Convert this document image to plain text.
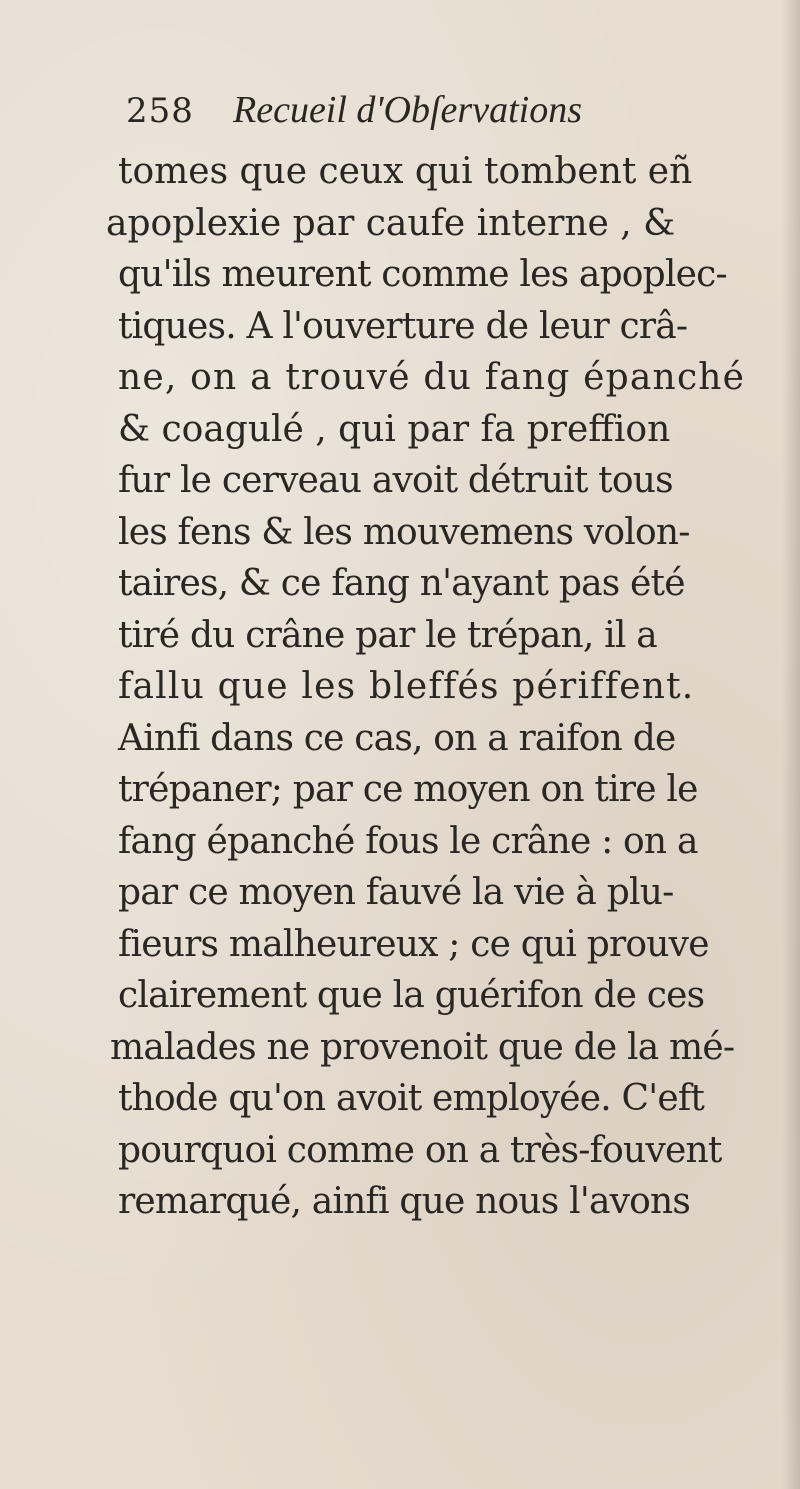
258 Recueil d'Obſervations
tomes que ceux qui tombent eñ
apoplexie par caufe interne , &
qu'ils meurent comme les apoplec-
tiques. A l'ouverture de leur crâ-
ne, on a trouvé du fang épanché
& coagulé , qui par fa preffion
fur le cerveau avoit détruit tous
les fens & les mouvemens volon-
taires, & ce fang n'ayant pas été
tiré du crâne par le trépan, il a
fallu que les bleffés périffent.
Ainfi dans ce cas, on a raifon de
trépaner; par ce moyen on tire le
fang épanché fous le crâne : on a
par ce moyen fauvé la vie à plu-
fieurs malheureux ; ce qui prouve
clairement que la guérifon de ces
malades ne provenoit que de la mé-
thode qu'on avoit employée. C'eft
pourquoi comme on a très-fouvent
remarqué, ainfi que nous l'avons
